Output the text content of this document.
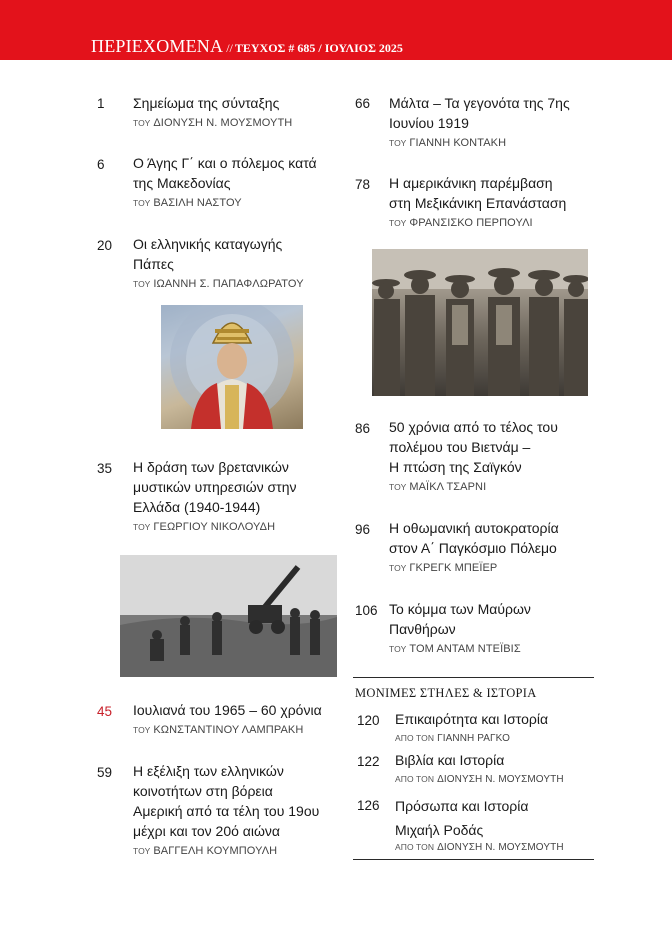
ΠΕΡΙΕΧΟΜΕΝΑ // ΤΕΥΧΟΣ # 685 / ΙΟΥΛΙΟΣ 2025
1 Σημείωμα της σύνταξης
ΤΟΥ ΔΙΟΝΥΣΗ Ν. ΜΟΥΣΜΟΥΤΗ
6 Ο Άγης Γ΄ και ο πόλεμος κατά
της Μακεδονίας
ΤΟΥ ΒΑΣΙΛΗ ΝΑΣΤΟΥ
20 Οι ελληνικής καταγωγής
Πάπες
ΤΟΥ ΙΩΑΝΝΗ Σ. ΠΑΠΑΦΛΩΡΑΤΟΥ
35 Η δράση των βρετανικών
μυστικών υπηρεσιών στην
Ελλάδα (1940-1944)
ΤΟΥ ΓΕΩΡΓΙΟΥ ΝΙΚΟΛΟΥΔΗ
45 Ιουλιανά του 1965 – 60 χρόνια
ΤΟΥ ΚΩΝΣΤΑΝΤΙΝΟΥ ΛΑΜΠΡΑΚΗ
59 Η εξέλιξη των ελληνικών
κοινοτήτων στη βόρεια
Αμερική από τα τέλη του 19ου
μέχρι και τον 20ό αιώνα
ΤΟΥ ΒΑΓΓΕΛΗ ΚΟΥΜΠΟΥΛΗ
66 Μάλτα – Τα γεγονότα της 7ης
Ιουνίου 1919
ΤΟΥ ΓΙΑΝΝΗ ΚΟΝΤΑΚΗ
78 Η αμερικάνικη παρέμβαση
στη Μεξικάνικη Επανάσταση
ΤΟΥ ΦΡΑΝΣΙΣΚΟ ΠΕΡΠΟΥΛΙ
86 50 χρόνια από το τέλος του
πολέμου του Βιετνάμ –
Η πτώση της Σαϊγκόν
ΤΟΥ ΜΑΪΚΛ ΤΣΑΡΝΙ
96 Η οθωμανική αυτοκρατορία
στον Α΄ Παγκόσμιο Πόλεμο
ΤΟΥ ΓΚΡΕΓΚ ΜΠΕΪΕΡ
106 Το κόμμα των Μαύρων
Πανθήρων
ΤΟΥ ΤΟΜ ΑΝΤΑΜ ΝΤΕΪΒΙΣ
ΜΟΝΙΜΕΣ ΣΤΗΛΕΣ & ΙΣΤΟΡΙΑ
120 Επικαιρότητα και Ιστορία
ΑΠΟ ΤΟΝ ΓΙΑΝΝΗ ΡΑΓΚΟ
122 Βιβλία και Ιστορία
ΑΠΟ ΤΟΝ ΔΙΟΝΥΣΗ Ν. ΜΟΥΣΜΟΥΤΗ
126 Πρόσωπα και Ιστορία
Μιχαήλ Ροδάς
ΑΠΟ ΤΟΝ ΔΙΟΝΥΣΗ Ν. ΜΟΥΣΜΟΥΤΗ
